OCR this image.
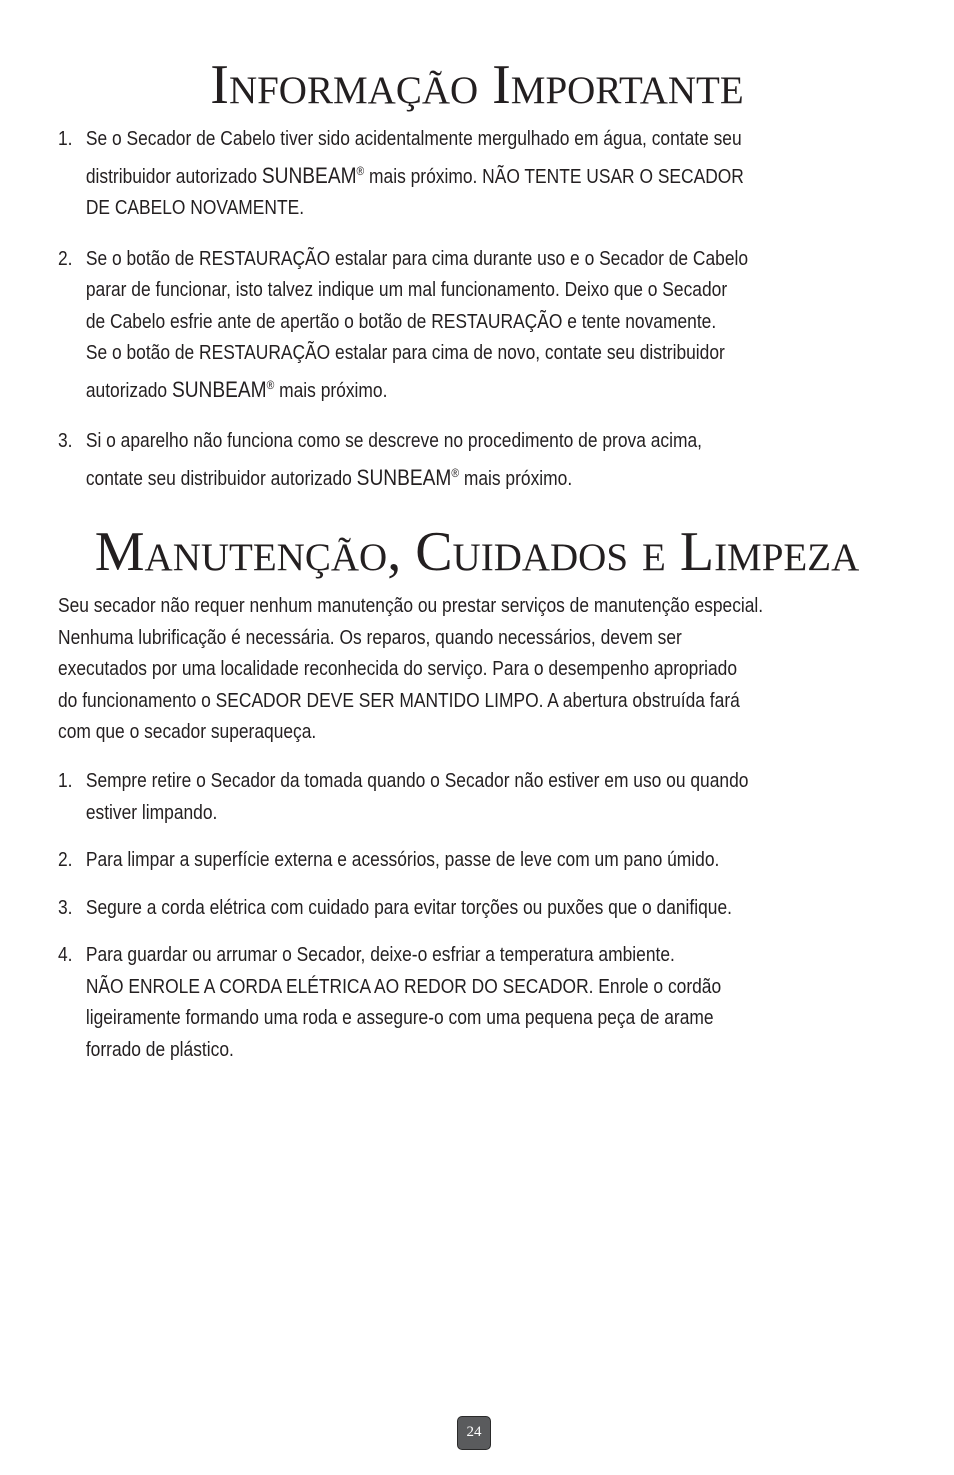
Informação Importante
1. Se o Secador de Cabelo tiver sido acidentalmente mergulhado em água, contate seu
distribuidor autorizado SUNBEAM® mais próximo. NÃO TENTE USAR O SECADOR
DE CABELO NOVAMENTE.
2. Se o botão de RESTAURAÇÃO estalar para cima durante uso e o Secador de Cabelo
parar de funcionar, isto talvez indique um mal funcionamento. Deixo que o Secador
de Cabelo esfrie ante de apertão o botão de RESTAURAÇÃO e tente novamente.
Se o botão de RESTAURAÇÃO estalar para cima de novo, contate seu distribuidor
autorizado SUNBEAM® mais próximo.
3. Si o aparelho não funciona como se descreve no procedimento de prova acima,
contate seu distribuidor autorizado SUNBEAM® mais próximo.
Manutenção, Cuidados e Limpeza
Seu secador não requer nenhum manutenção ou prestar serviços de manutenção especial.
Nenhuma lubrificação é necessária. Os reparos, quando necessários, devem ser
executados por uma localidade reconhecida do serviço. Para o desempenho apropriado
do funcionamento o SECADOR DEVE SER MANTIDO LIMPO. A abertura obstruída fará
com que o secador superaqueça.
1. Sempre retire o Secador da tomada quando o Secador não estiver em uso ou quando
estiver limpando.
2. Para limpar a superfície externa e acessórios, passe de leve com um pano úmido.
3. Segure a corda elétrica com cuidado para evitar torções ou puxões que o danifique.
4. Para guardar ou arrumar o Secador, deixe-o esfriar a temperatura ambiente.
NÃO ENROLE A CORDA ELÉTRICA AO REDOR DO SECADOR. Enrole o cordão
ligeiramente formando uma roda e assegure-o com uma pequena peça de arame
forrado de plástico.
24
